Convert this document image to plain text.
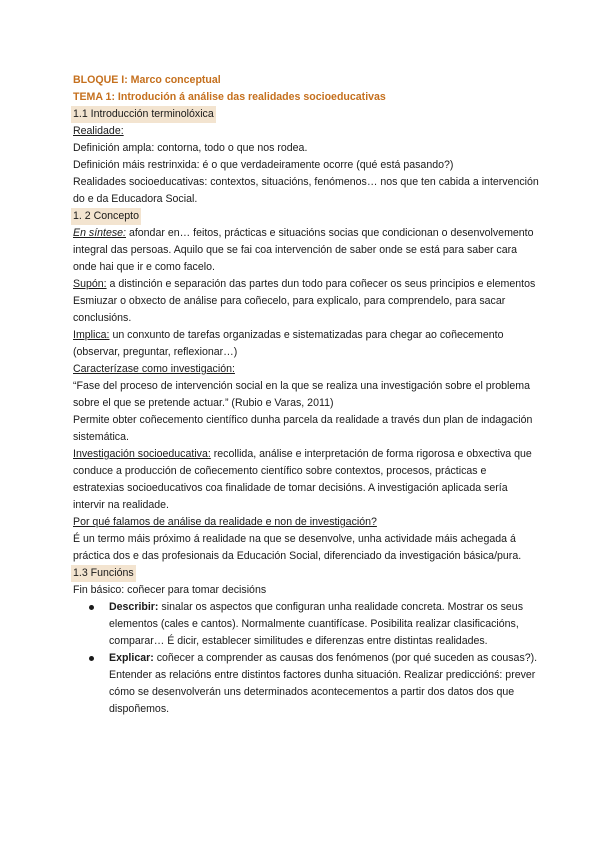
BLOQUE I: Marco conceptual

TEMA 1: Introdución á análise das realidades socioeducativas

1.1 Introducción terminolóxica

Realidade:

Definición ampla: contorna, todo o que nos rodea.

Definición máis restrinxida: é o que verdadeiramente ocorre (qué está pasando?)

Realidades socioeducativas: contextos, situacións, fenómenos… nos que ten cabida a intervención do e da Educadora Social.

1. 2 Concepto

En síntese: afondar en… feitos, prácticas e situacións socias que condicionan o desenvolvemento integral das persoas. Aquilo que se fai coa intervención de saber onde se está para saber cara onde hai que ir e como facelo.

Supón: a distinción e separación das partes dun todo para coñecer os seus principios e elementos Esmiuzar o obxecto de análise para coñecelo, para explicalo, para comprendelo, para sacar conclusións.

Implica: un conxunto de tarefas organizadas e sistematizadas para chegar ao coñecemento (observar, preguntar, reflexionar…)

Caracterízase como investigación:

“Fase del proceso de intervención social en la que se realiza una investigación sobre el problema sobre el que se pretende actuar.” (Rubio e Varas, 2011)

Permite obter coñecemento científico dunha parcela da realidade a través dun plan de indagación sistemática.

Investigación socioeducativa: recollida, análise e interpretación de forma rigorosa e obxectiva que conduce a producción de coñecemento científico sobre contextos, procesos, prácticas e estratexias socioeducativos coa finalidade de tomar decisións. A investigación aplicada sería intervir na realidade.

Por qué falamos de análise da realidade e non de investigación?

É un termo máis próximo á realidade na que se desenvolve, unha actividade máis achegada á práctica dos e das profesionais da Educación Social, diferenciado da investigación básica/pura.

1.3 Funcións

Fin básico: coñecer para tomar decisións

Describir: sinalar os aspectos que configuran unha realidade concreta. Mostrar os seus elementos (cales e cantos). Normalmente cuantifícase. Posibilita realizar clasificacións, comparar… É dicir, establecer similitudes e diferenzas entre distintas realidades.
Explicar: coñecer a comprender as causas dos fenómenos (por qué suceden as cousas?). Entender as relacións entre distintos factores dunha situación. Realizar predicciónś: prever cómo se desenvolverán uns determinados acontecementos a partir dos datos dos que dispoñemos.
